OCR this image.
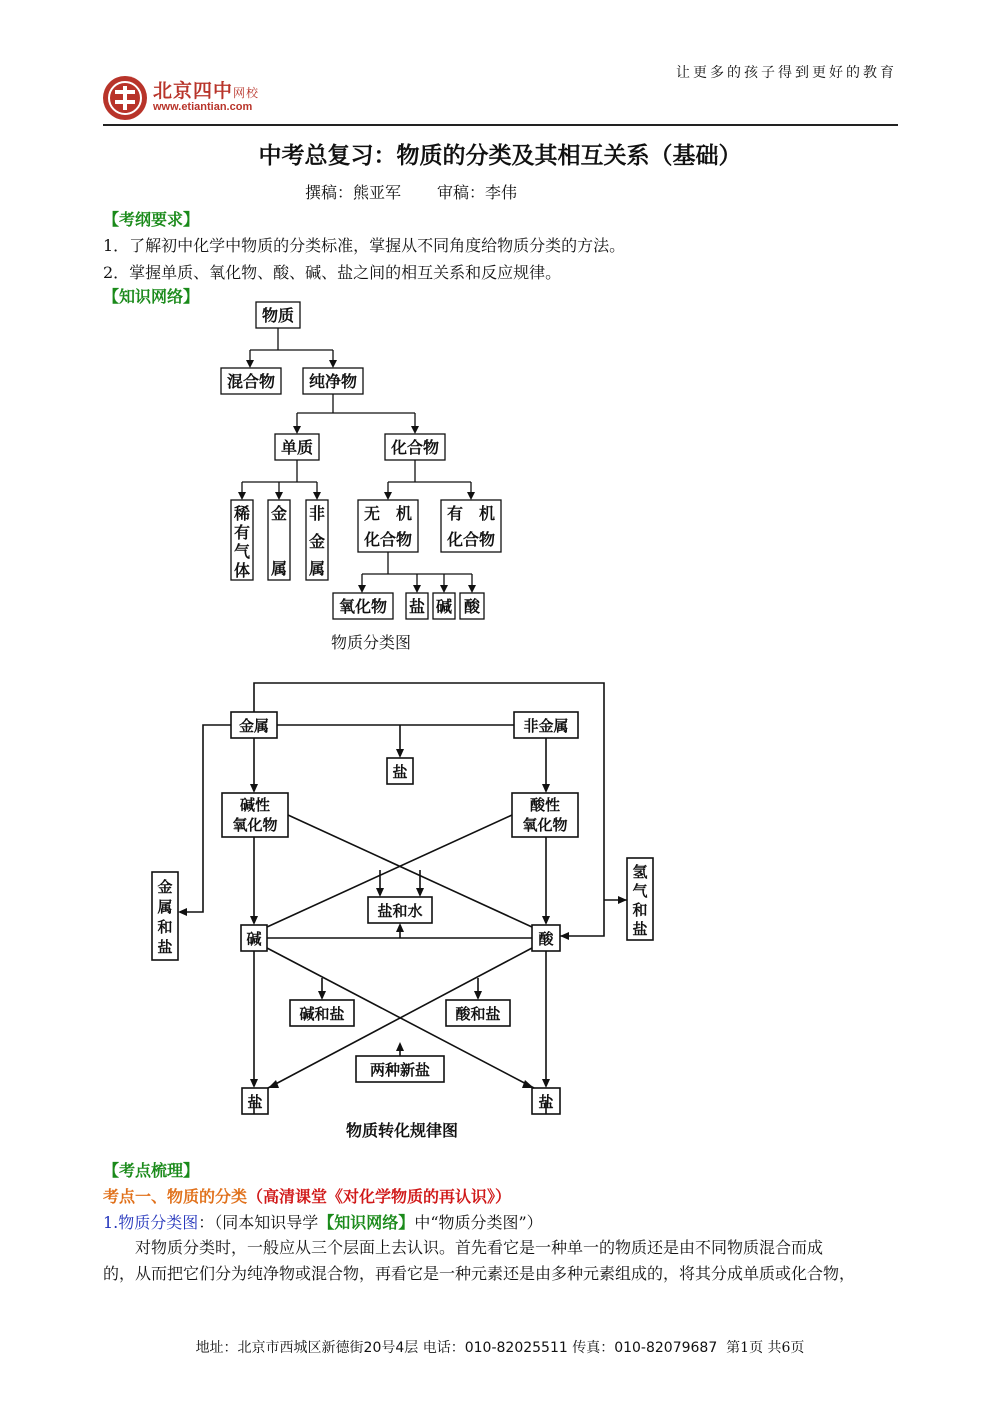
让更多的孩子得到更好的教育
北京四中网校
www.etiantian.com
中考总复习：物质的分类及其相互关系（基础）
撰稿：熊亚军 审稿：李伟
【考纲要求】
1．了解初中化学中物质的分类标准，掌握从不同角度给物质分类的方法。
2．掌握单质、氧化物、酸、碱、盐之间的相互关系和反应规律。
【知识网络】
物质
混合物 纯净物
单质	化合物
稀
有
气
体
金
属
非
金
属
无　机
化合物
有　机
化合物
氧化物 盐 碱 酸
物质分类图
金属	非金属
盐
碱性
氧化物
酸性
氧化物
金
属
和
盐
氢
气
和
盐
盐和水
碱	酸
碱和盐	酸和盐
两种新盐
盐	盐
物质转化规律图
【考点梳理】
考点一、物质的分类（高清课堂《对化学物质的再认识》）
1.物质分类图：（同本知识导学【知识网络】中“物质分类图”）
对物质分类时，一般应从三个层面上去认识。首先看它是一种单一的物质还是由不同物质混合而成
的，从而把它们分为纯净物或混合物，再看它是一种元素还是由多种元素组成的，将其分成单质或化合物，
地址：北京市西城区新德街20号4层 电话：010-82025511 传真：010-82079687 第1页 共6页
